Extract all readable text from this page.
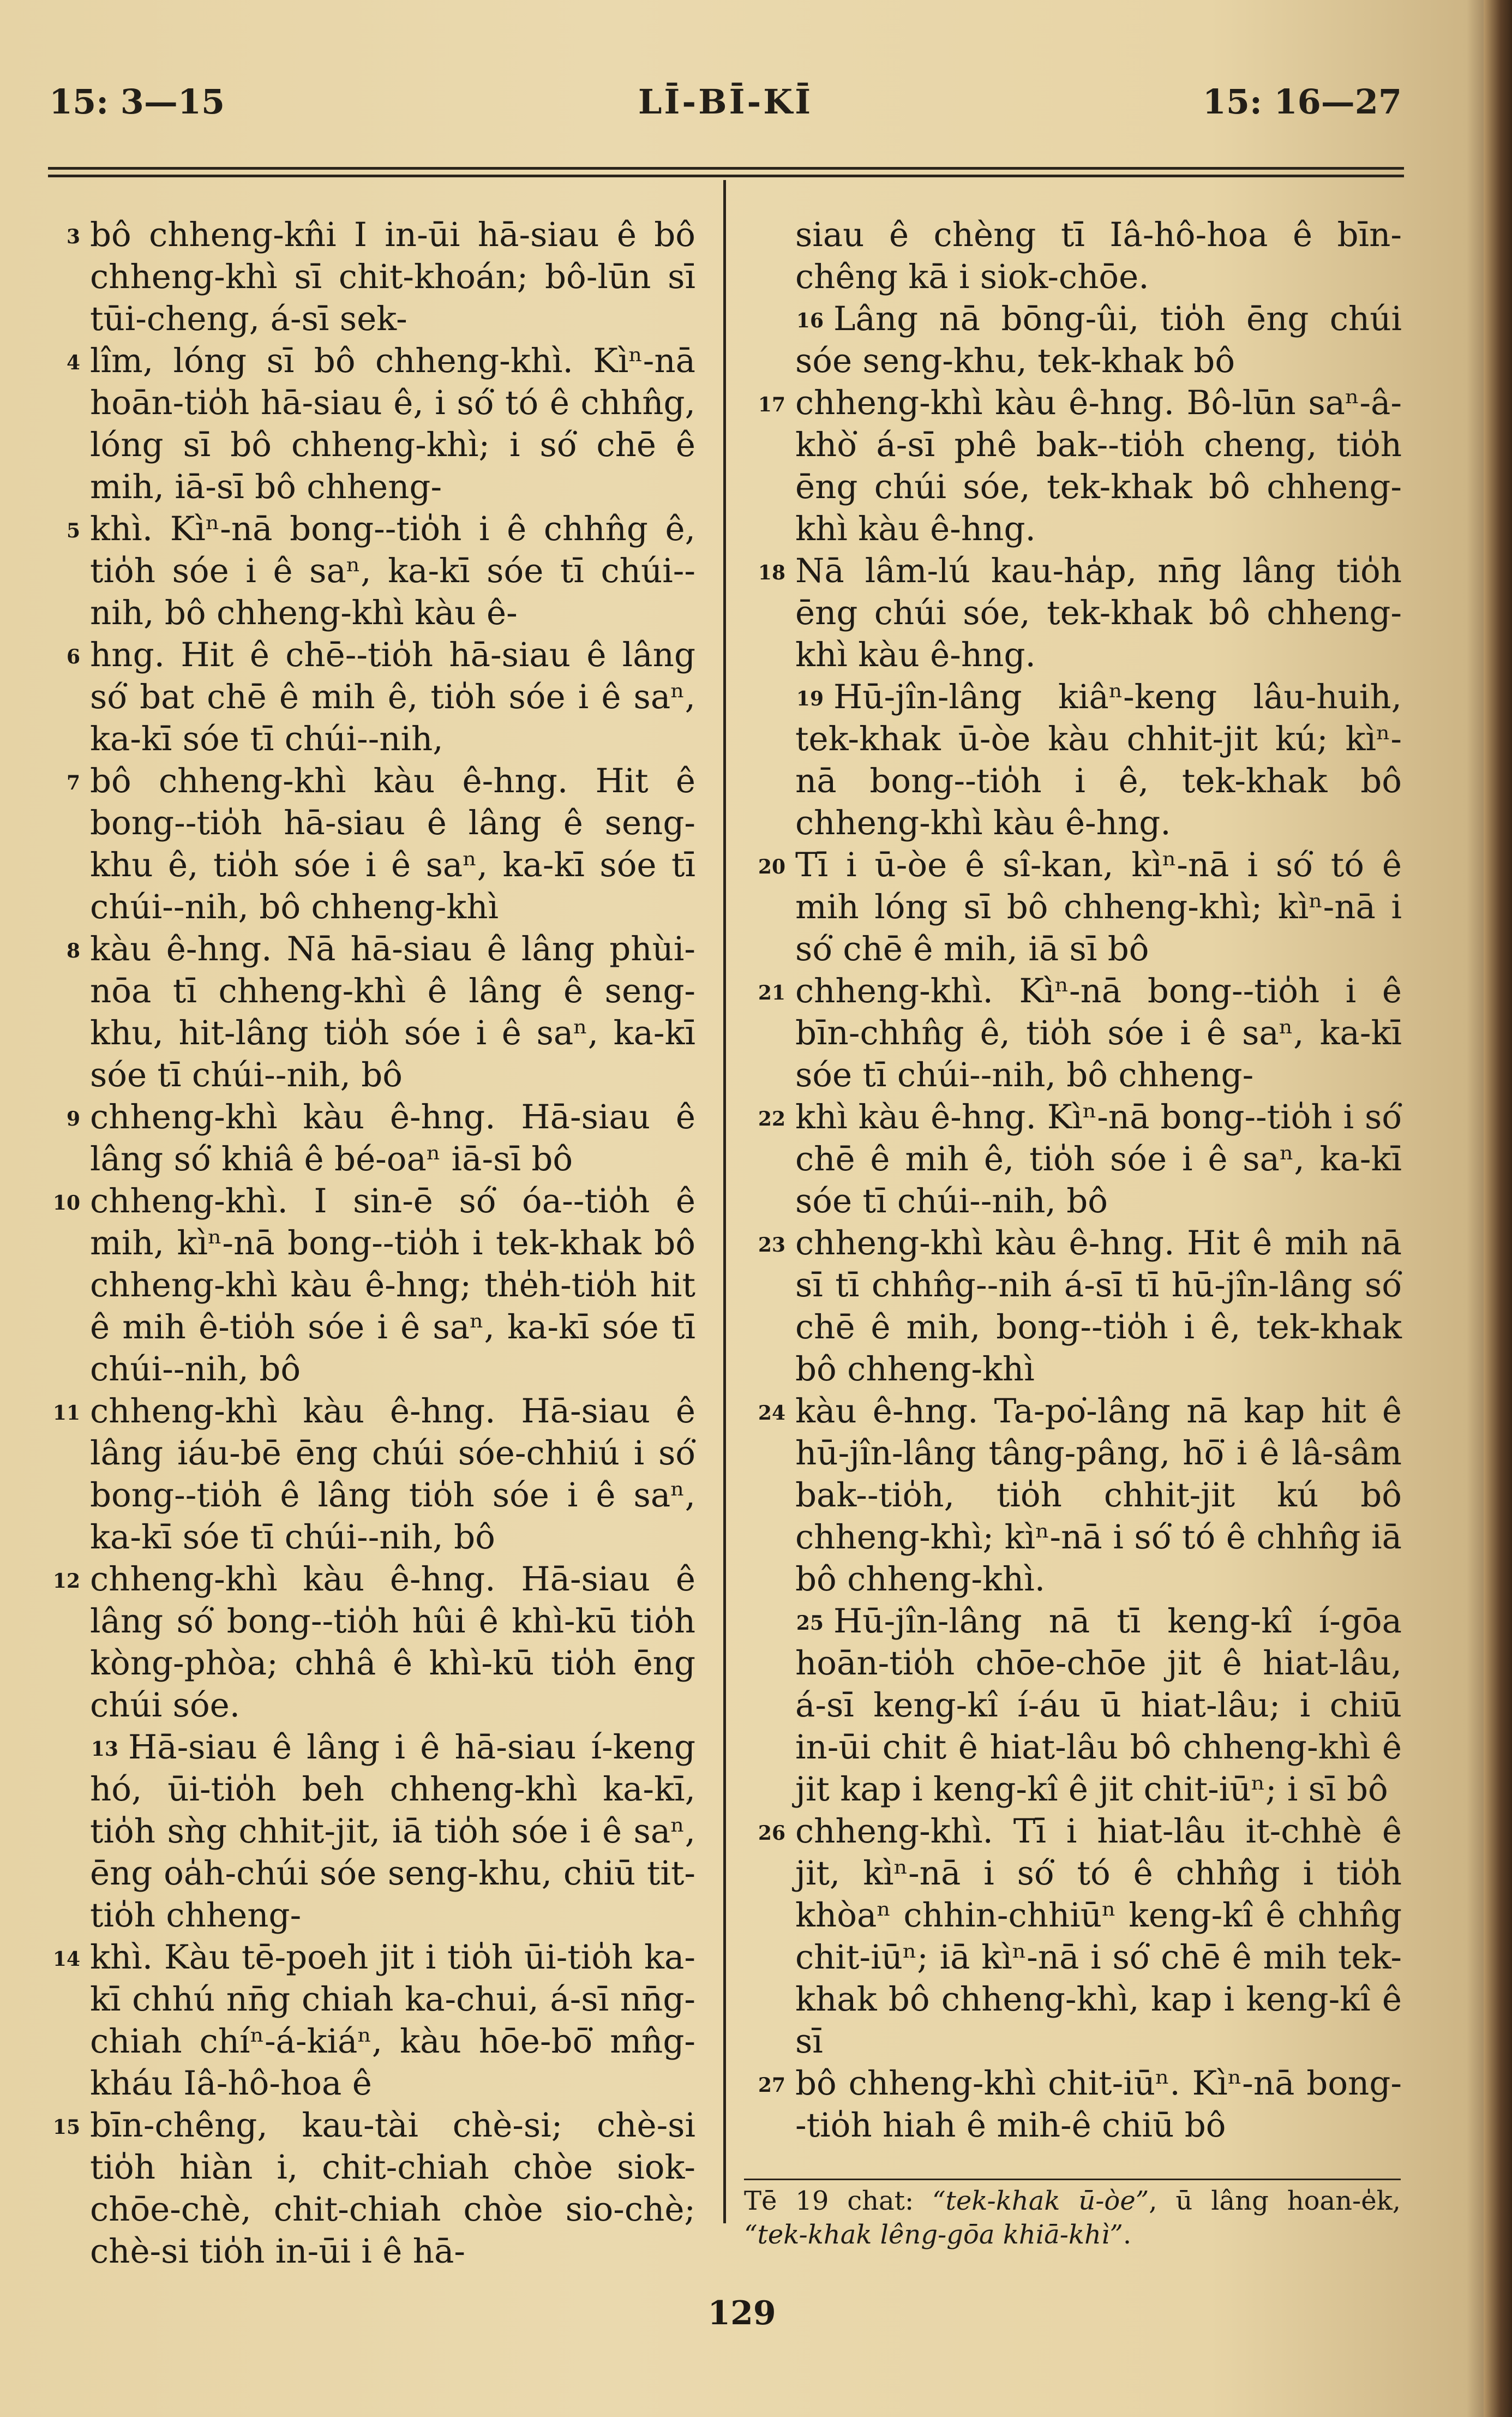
15: 3—15	LĪ-BĪ-KĪ	15: 16—27

3 bô chheng-kn̂i I in-ūi hā-siau ê bô chheng-khì sī chit-khoán; bô-lūn sī tūi-cheng, á-sī sek-

4 lîm, lóng sī bô chheng-khì. Kìⁿ-nā hoān-tio̍h hā-siau ê, i só͘ tó ê chhn̂g, lóng sī bô chheng-khì; i só͘ chē ê mih, iā-sī bô chheng-

5 khì. Kìⁿ-nā bong--tio̍h i ê chhn̂g ê, tio̍h sóe i ê saⁿ, ka-kī sóe tī chúi--nih, bô chheng-khì kàu ê-

6 hng. Hit ê chē--tio̍h hā-siau ê lâng só͘ bat chē ê mih ê, tio̍h sóe i ê saⁿ, ka-kī sóe tī chúi--nih,

7 bô chheng-khì kàu ê-hng. Hit ê bong--tio̍h hā-siau ê lâng ê seng-khu ê, tio̍h sóe i ê saⁿ, ka-kī sóe tī chúi--nih, bô chheng-khì

8 kàu ê-hng. Nā hā-siau ê lâng phùi-nōa tī chheng-khì ê lâng ê seng-khu, hit-lâng tio̍h sóe i ê saⁿ, ka-kī sóe tī chúi--nih, bô

9 chheng-khì kàu ê-hng. Hā-siau ê lâng só͘ khiâ ê bé-oaⁿ iā-sī bô

10 chheng-khì. I sin-ē só͘ óa--tio̍h ê mih, kìⁿ-nā bong--tio̍h i tek-khak bô chheng-khì kàu ê-hng; the̍h-tio̍h hit ê mih ê-tio̍h sóe i ê saⁿ, ka-kī sóe tī chúi--nih, bô

11 chheng-khì kàu ê-hng. Hā-siau ê lâng iáu-bē ēng chúi sóe-chhiú i só͘ bong--tio̍h ê lâng tio̍h sóe i ê saⁿ, ka-kī sóe tī chúi--nih, bô

12 chheng-khì kàu ê-hng. Hā-siau ê lâng só͘ bong--tio̍h hûi ê khì-kū tio̍h kòng-phòa; chhâ ê khì-kū tio̍h ēng chúi sóe.

13 Hā-siau ê lâng i ê hā-siau í-keng hó, ūi-tio̍h beh chheng-khì ka-kī, tio̍h sǹg chhit-jit, iā tio̍h sóe i ê saⁿ, ēng oa̍h-chúi sóe seng-khu, chiū tit-tio̍h chheng-

14 khì. Kàu tē-poeh jit i tio̍h ūi-tio̍h ka-kī chhú nn̄g chiah ka-chui, á-sī nn̄g-chiah chíⁿ-á-kiáⁿ, kàu hōe-bō͘ mn̂g-kháu Iâ-hô-hoa ê

15 bīn-chêng, kau-tài chè-si; chè-si tio̍h hiàn i, chit-chiah chòe siok-chōe-chè, chit-chiah chòe sio-chè; chè-si tio̍h in-ūi i ê hā-

siau ê chèng tī Iâ-hô-hoa ê bīn-chêng kā i siok-chōe.

16 Lâng nā bōng-ûi, tio̍h ēng chúi sóe seng-khu, tek-khak bô

17 chheng-khì kàu ê-hng. Bô-lūn saⁿ-â-khò͘ á-sī phê bak--tio̍h cheng, tio̍h ēng chúi sóe, tek-khak bô chheng-khì kàu ê-hng.

18 Nā lâm-lú kau-ha̍p, nn̄g lâng tio̍h ēng chúi sóe, tek-khak bô chheng-khì kàu ê-hng.

19 Hū-jîn-lâng kiâⁿ-keng lâu-huih, tek-khak ū-òe kàu chhit-jit kú; kìⁿ-nā bong--tio̍h i ê, tek-khak bô chheng-khì kàu ê-hng.

20 Tī i ū-òe ê sî-kan, kìⁿ-nā i só͘ tó ê mih lóng sī bô chheng-khì; kìⁿ-nā i só͘ chē ê mih, iā sī bô

21 chheng-khì. Kìⁿ-nā bong--tio̍h i ê bīn-chhn̂g ê, tio̍h sóe i ê saⁿ, ka-kī sóe tī chúi--nih, bô chheng-

22 khì kàu ê-hng. Kìⁿ-nā bong--tio̍h i só͘ chē ê mih ê, tio̍h sóe i ê saⁿ, ka-kī sóe tī chúi--nih, bô

23 chheng-khì kàu ê-hng. Hit ê mih nā sī tī chhn̂g--nih á-sī tī hū-jîn-lâng só͘ chē ê mih, bong--tio̍h i ê, tek-khak bô chheng-khì

24 kàu ê-hng. Ta-po͘-lâng nā kap hit ê hū-jîn-lâng tâng-pâng, hō͘ i ê lâ-sâm bak--tio̍h, tio̍h chhit-jit kú bô chheng-khì; kìⁿ-nā i só͘ tó ê chhn̂g iā bô chheng-khì.

25 Hū-jîn-lâng nā tī keng-kî í-gōa hoān-tio̍h chōe-chōe jit ê hiat-lâu, á-sī keng-kî í-áu ū hiat-lâu; i chiū in-ūi chit ê hiat-lâu bô chheng-khì ê jit kap i keng-kî ê jit chit-iūⁿ; i sī bô

26 chheng-khì. Tī i hiat-lâu it-chhè ê jit, kìⁿ-nā i só͘ tó ê chhn̂g i tio̍h khòaⁿ chhin-chhiūⁿ keng-kî ê chhn̂g chit-iūⁿ; iā kìⁿ-nā i só͘ chē ê mih tek-khak bô chheng-khì, kap i keng-kî ê sī

27 bô chheng-khì chit-iūⁿ. Kìⁿ-nā bong--tio̍h hiah ê mih-ê chiū bô

Tē 19 chat: “tek-khak ū-òe”, ū lâng hoan-e̍k, “tek-khak lêng-gōa khiā-khì”.
129
